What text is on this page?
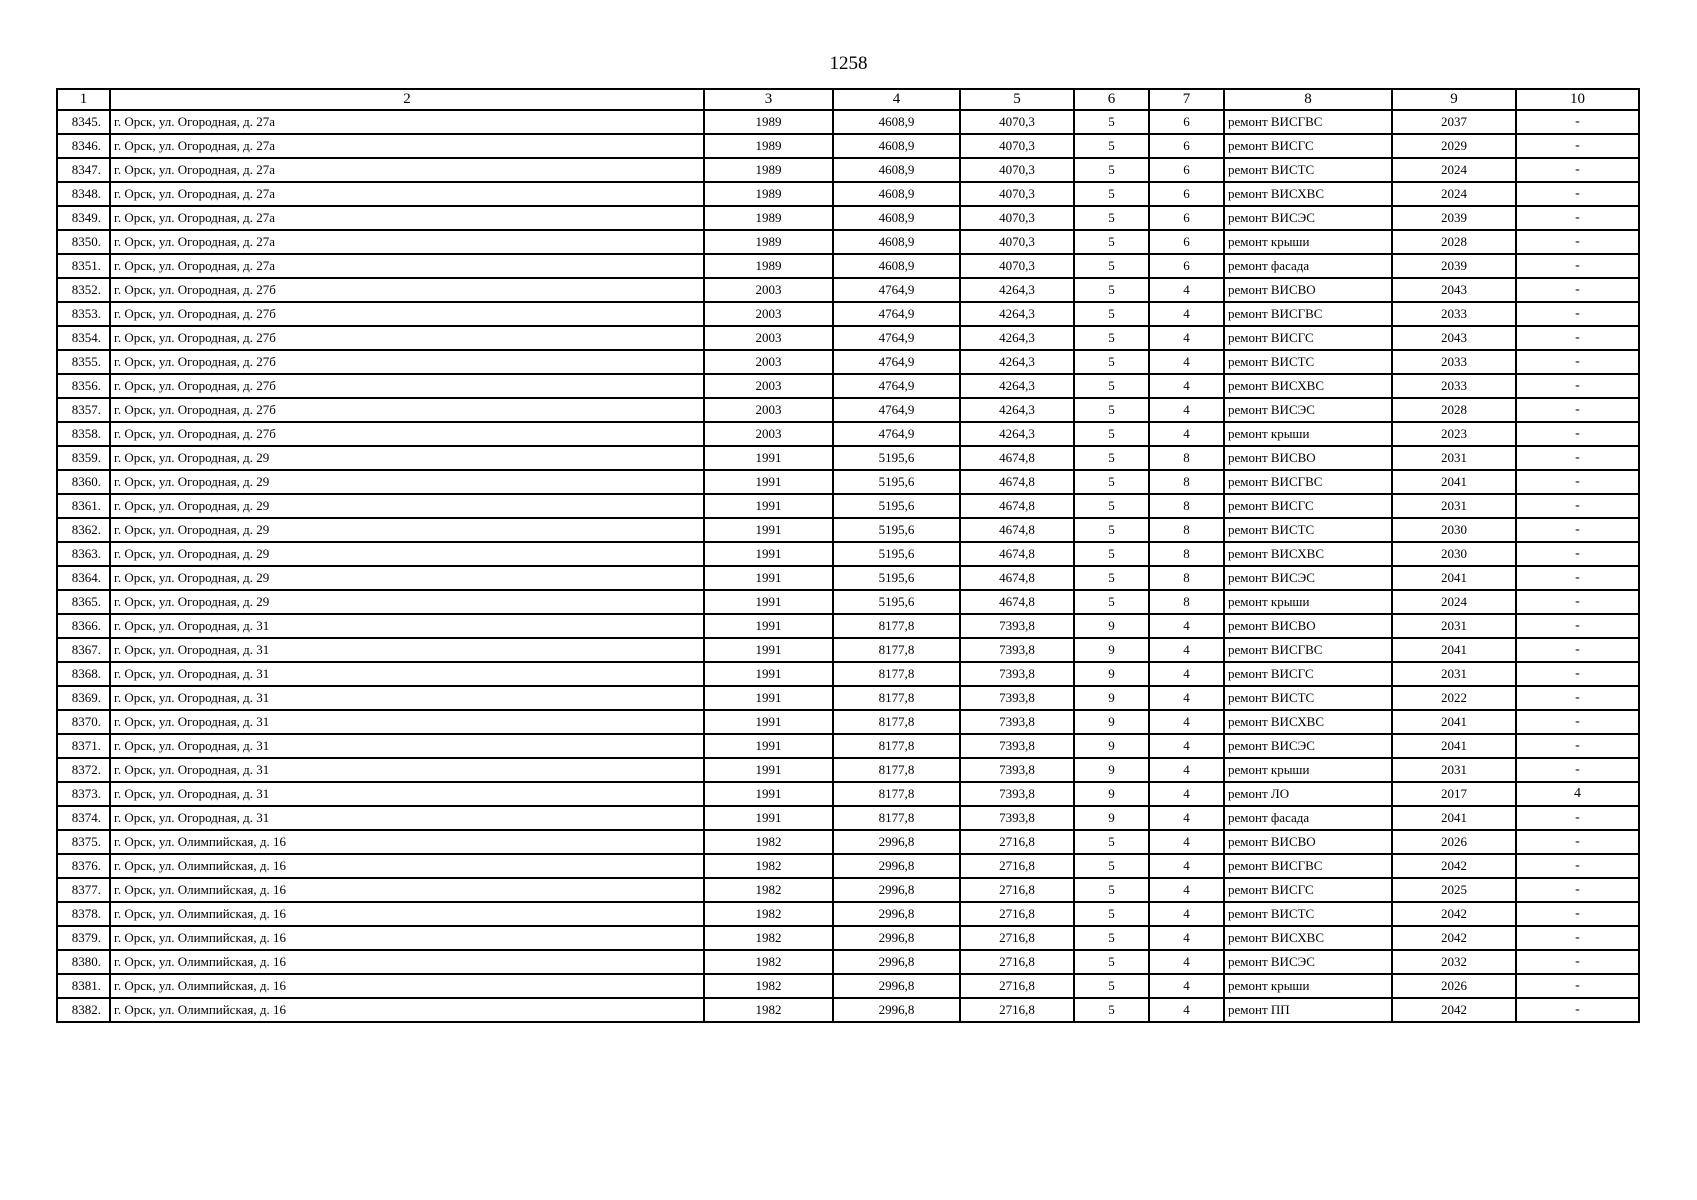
1258
1	2	3	4	5	6	7	8	9	10
8345.	г. Орск, ул. Огородная, д. 27а	1989	4608,9	4070,3	5	6	ремонт ВИСГВС	2037	-
8346.	г. Орск, ул. Огородная, д. 27а	1989	4608,9	4070,3	5	6	ремонт ВИСГС	2029	-
8347.	г. Орск, ул. Огородная, д. 27а	1989	4608,9	4070,3	5	6	ремонт ВИСТС	2024	-
8348.	г. Орск, ул. Огородная, д. 27а	1989	4608,9	4070,3	5	6	ремонт ВИСХВС	2024	-
8349.	г. Орск, ул. Огородная, д. 27а	1989	4608,9	4070,3	5	6	ремонт ВИСЭС	2039	-
8350.	г. Орск, ул. Огородная, д. 27а	1989	4608,9	4070,3	5	6	ремонт крыши	2028	-
8351.	г. Орск, ул. Огородная, д. 27а	1989	4608,9	4070,3	5	6	ремонт фасада	2039	-
8352.	г. Орск, ул. Огородная, д. 27б	2003	4764,9	4264,3	5	4	ремонт ВИСВО	2043	-
8353.	г. Орск, ул. Огородная, д. 27б	2003	4764,9	4264,3	5	4	ремонт ВИСГВС	2033	-
8354.	г. Орск, ул. Огородная, д. 27б	2003	4764,9	4264,3	5	4	ремонт ВИСГС	2043	-
8355.	г. Орск, ул. Огородная, д. 27б	2003	4764,9	4264,3	5	4	ремонт ВИСТС	2033	-
8356.	г. Орск, ул. Огородная, д. 27б	2003	4764,9	4264,3	5	4	ремонт ВИСХВС	2033	-
8357.	г. Орск, ул. Огородная, д. 27б	2003	4764,9	4264,3	5	4	ремонт ВИСЭС	2028	-
8358.	г. Орск, ул. Огородная, д. 27б	2003	4764,9	4264,3	5	4	ремонт крыши	2023	-
8359.	г. Орск, ул. Огородная, д. 29	1991	5195,6	4674,8	5	8	ремонт ВИСВО	2031	-
8360.	г. Орск, ул. Огородная, д. 29	1991	5195,6	4674,8	5	8	ремонт ВИСГВС	2041	-
8361.	г. Орск, ул. Огородная, д. 29	1991	5195,6	4674,8	5	8	ремонт ВИСГС	2031	-
8362.	г. Орск, ул. Огородная, д. 29	1991	5195,6	4674,8	5	8	ремонт ВИСТС	2030	-
8363.	г. Орск, ул. Огородная, д. 29	1991	5195,6	4674,8	5	8	ремонт ВИСХВС	2030	-
8364.	г. Орск, ул. Огородная, д. 29	1991	5195,6	4674,8	5	8	ремонт ВИСЭС	2041	-
8365.	г. Орск, ул. Огородная, д. 29	1991	5195,6	4674,8	5	8	ремонт крыши	2024	-
8366.	г. Орск, ул. Огородная, д. 31	1991	8177,8	7393,8	9	4	ремонт ВИСВО	2031	-
8367.	г. Орск, ул. Огородная, д. 31	1991	8177,8	7393,8	9	4	ремонт ВИСГВС	2041	-
8368.	г. Орск, ул. Огородная, д. 31	1991	8177,8	7393,8	9	4	ремонт ВИСГС	2031	-
8369.	г. Орск, ул. Огородная, д. 31	1991	8177,8	7393,8	9	4	ремонт ВИСТС	2022	-
8370.	г. Орск, ул. Огородная, д. 31	1991	8177,8	7393,8	9	4	ремонт ВИСХВС	2041	-
8371.	г. Орск, ул. Огородная, д. 31	1991	8177,8	7393,8	9	4	ремонт ВИСЭС	2041	-
8372.	г. Орск, ул. Огородная, д. 31	1991	8177,8	7393,8	9	4	ремонт крыши	2031	-
8373.	г. Орск, ул. Огородная, д. 31	1991	8177,8	7393,8	9	4	ремонт ЛО	2017	4
8374.	г. Орск, ул. Огородная, д. 31	1991	8177,8	7393,8	9	4	ремонт фасада	2041	-
8375.	г. Орск, ул. Олимпийская, д. 16	1982	2996,8	2716,8	5	4	ремонт ВИСВО	2026	-
8376.	г. Орск, ул. Олимпийская, д. 16	1982	2996,8	2716,8	5	4	ремонт ВИСГВС	2042	-
8377.	г. Орск, ул. Олимпийская, д. 16	1982	2996,8	2716,8	5	4	ремонт ВИСГС	2025	-
8378.	г. Орск, ул. Олимпийская, д. 16	1982	2996,8	2716,8	5	4	ремонт ВИСТС	2042	-
8379.	г. Орск, ул. Олимпийская, д. 16	1982	2996,8	2716,8	5	4	ремонт ВИСХВС	2042	-
8380.	г. Орск, ул. Олимпийская, д. 16	1982	2996,8	2716,8	5	4	ремонт ВИСЭС	2032	-
8381.	г. Орск, ул. Олимпийская, д. 16	1982	2996,8	2716,8	5	4	ремонт крыши	2026	-
8382.	г. Орск, ул. Олимпийская, д. 16	1982	2996,8	2716,8	5	4	ремонт ПП	2042	-
